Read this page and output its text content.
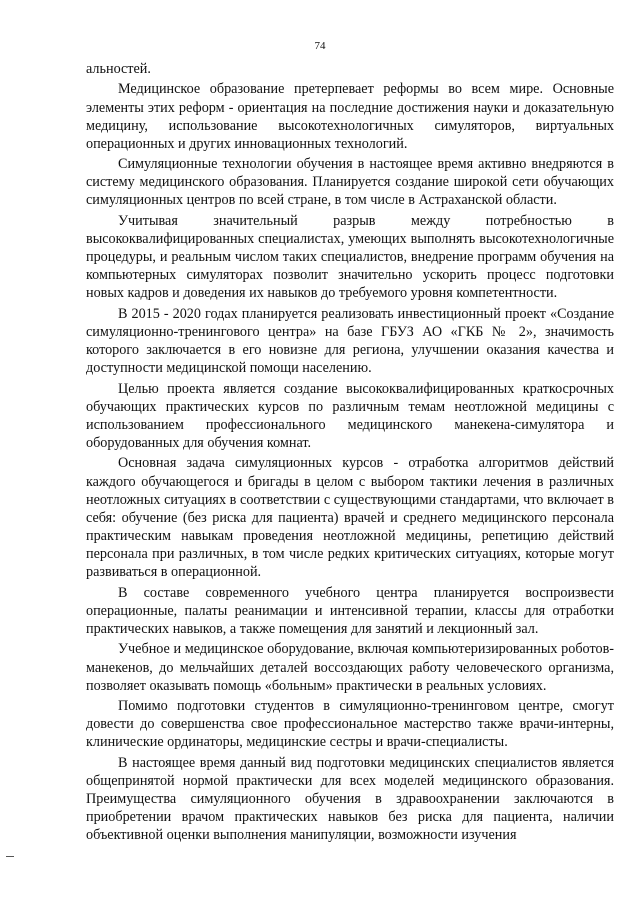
74

альностей.

Медицинское образование претерпевает реформы во всем мире. Основные элементы этих реформ - ориентация на последние достижения науки и доказательную медицину, использование высокотехнологичных симуляторов, виртуальных операционных и других инновационных технологий.

Симуляционные технологии обучения в настоящее время активно внедряются в систему медицинского образования. Планируется создание широкой сети обучающих симуляционных центров по всей стране, в том числе в Астраханской области.

Учитывая значительный разрыв между потребностью в высококвалифицированных специалистах, умеющих выполнять высокотехнологичные процедуры, и реальным числом таких специалистов, внедрение программ обучения на компьютерных симуляторах позволит значительно ускорить процесс подготовки новых кадров и доведения их навыков до требуемого уровня компетентности.

В 2015 - 2020 годах планируется реализовать инвестиционный проект «Создание симуляционно-тренингового центра» на базе ГБУЗ АО «ГКБ № 2», значимость которого заключается в его новизне для региона, улучшении оказания качества и доступности медицинской помощи населению.

Целью проекта является создание высококвалифицированных краткосрочных обучающих практических курсов по различным темам неотложной медицины с использованием профессионального медицинского манекена-симулятора и оборудованных для обучения комнат.

Основная задача симуляционных курсов - отработка алгоритмов действий каждого обучающегося и бригады в целом с выбором тактики лечения в различных неотложных ситуациях в соответствии с существующими стандартами, что включает в себя: обучение (без риска для пациента) врачей и среднего медицинского персонала практическим навыкам проведения неотложной медицины, репетицию действий персонала при различных, в том числе редких критических ситуациях, которые могут развиваться в операционной.

В составе современного учебного центра планируется воспроизвести операционные, палаты реанимации и интенсивной терапии, классы для отработки практических навыков, а также помещения для занятий и лекционный зал.

Учебное и медицинское оборудование, включая компьютеризированных роботов-манекенов, до мельчайших деталей воссоздающих работу человеческого организма, позволяет оказывать помощь «больным» практически в реальных условиях.

Помимо подготовки студентов в симуляционно-тренинговом центре, смогут довести до совершенства свое профессиональное мастерство также врачи-интерны, клинические ординаторы, медицинские сестры и врачи-специалисты.

В настоящее время данный вид подготовки медицинских специалистов является общепринятой нормой практически для всех моделей медицинского образования. Преимущества симуляционного обучения в здравоохранении заключаются в приобретении врачом практических навыков без риска для пациента, наличии объективной оценки выполнения манипуляции, возможности изучения
